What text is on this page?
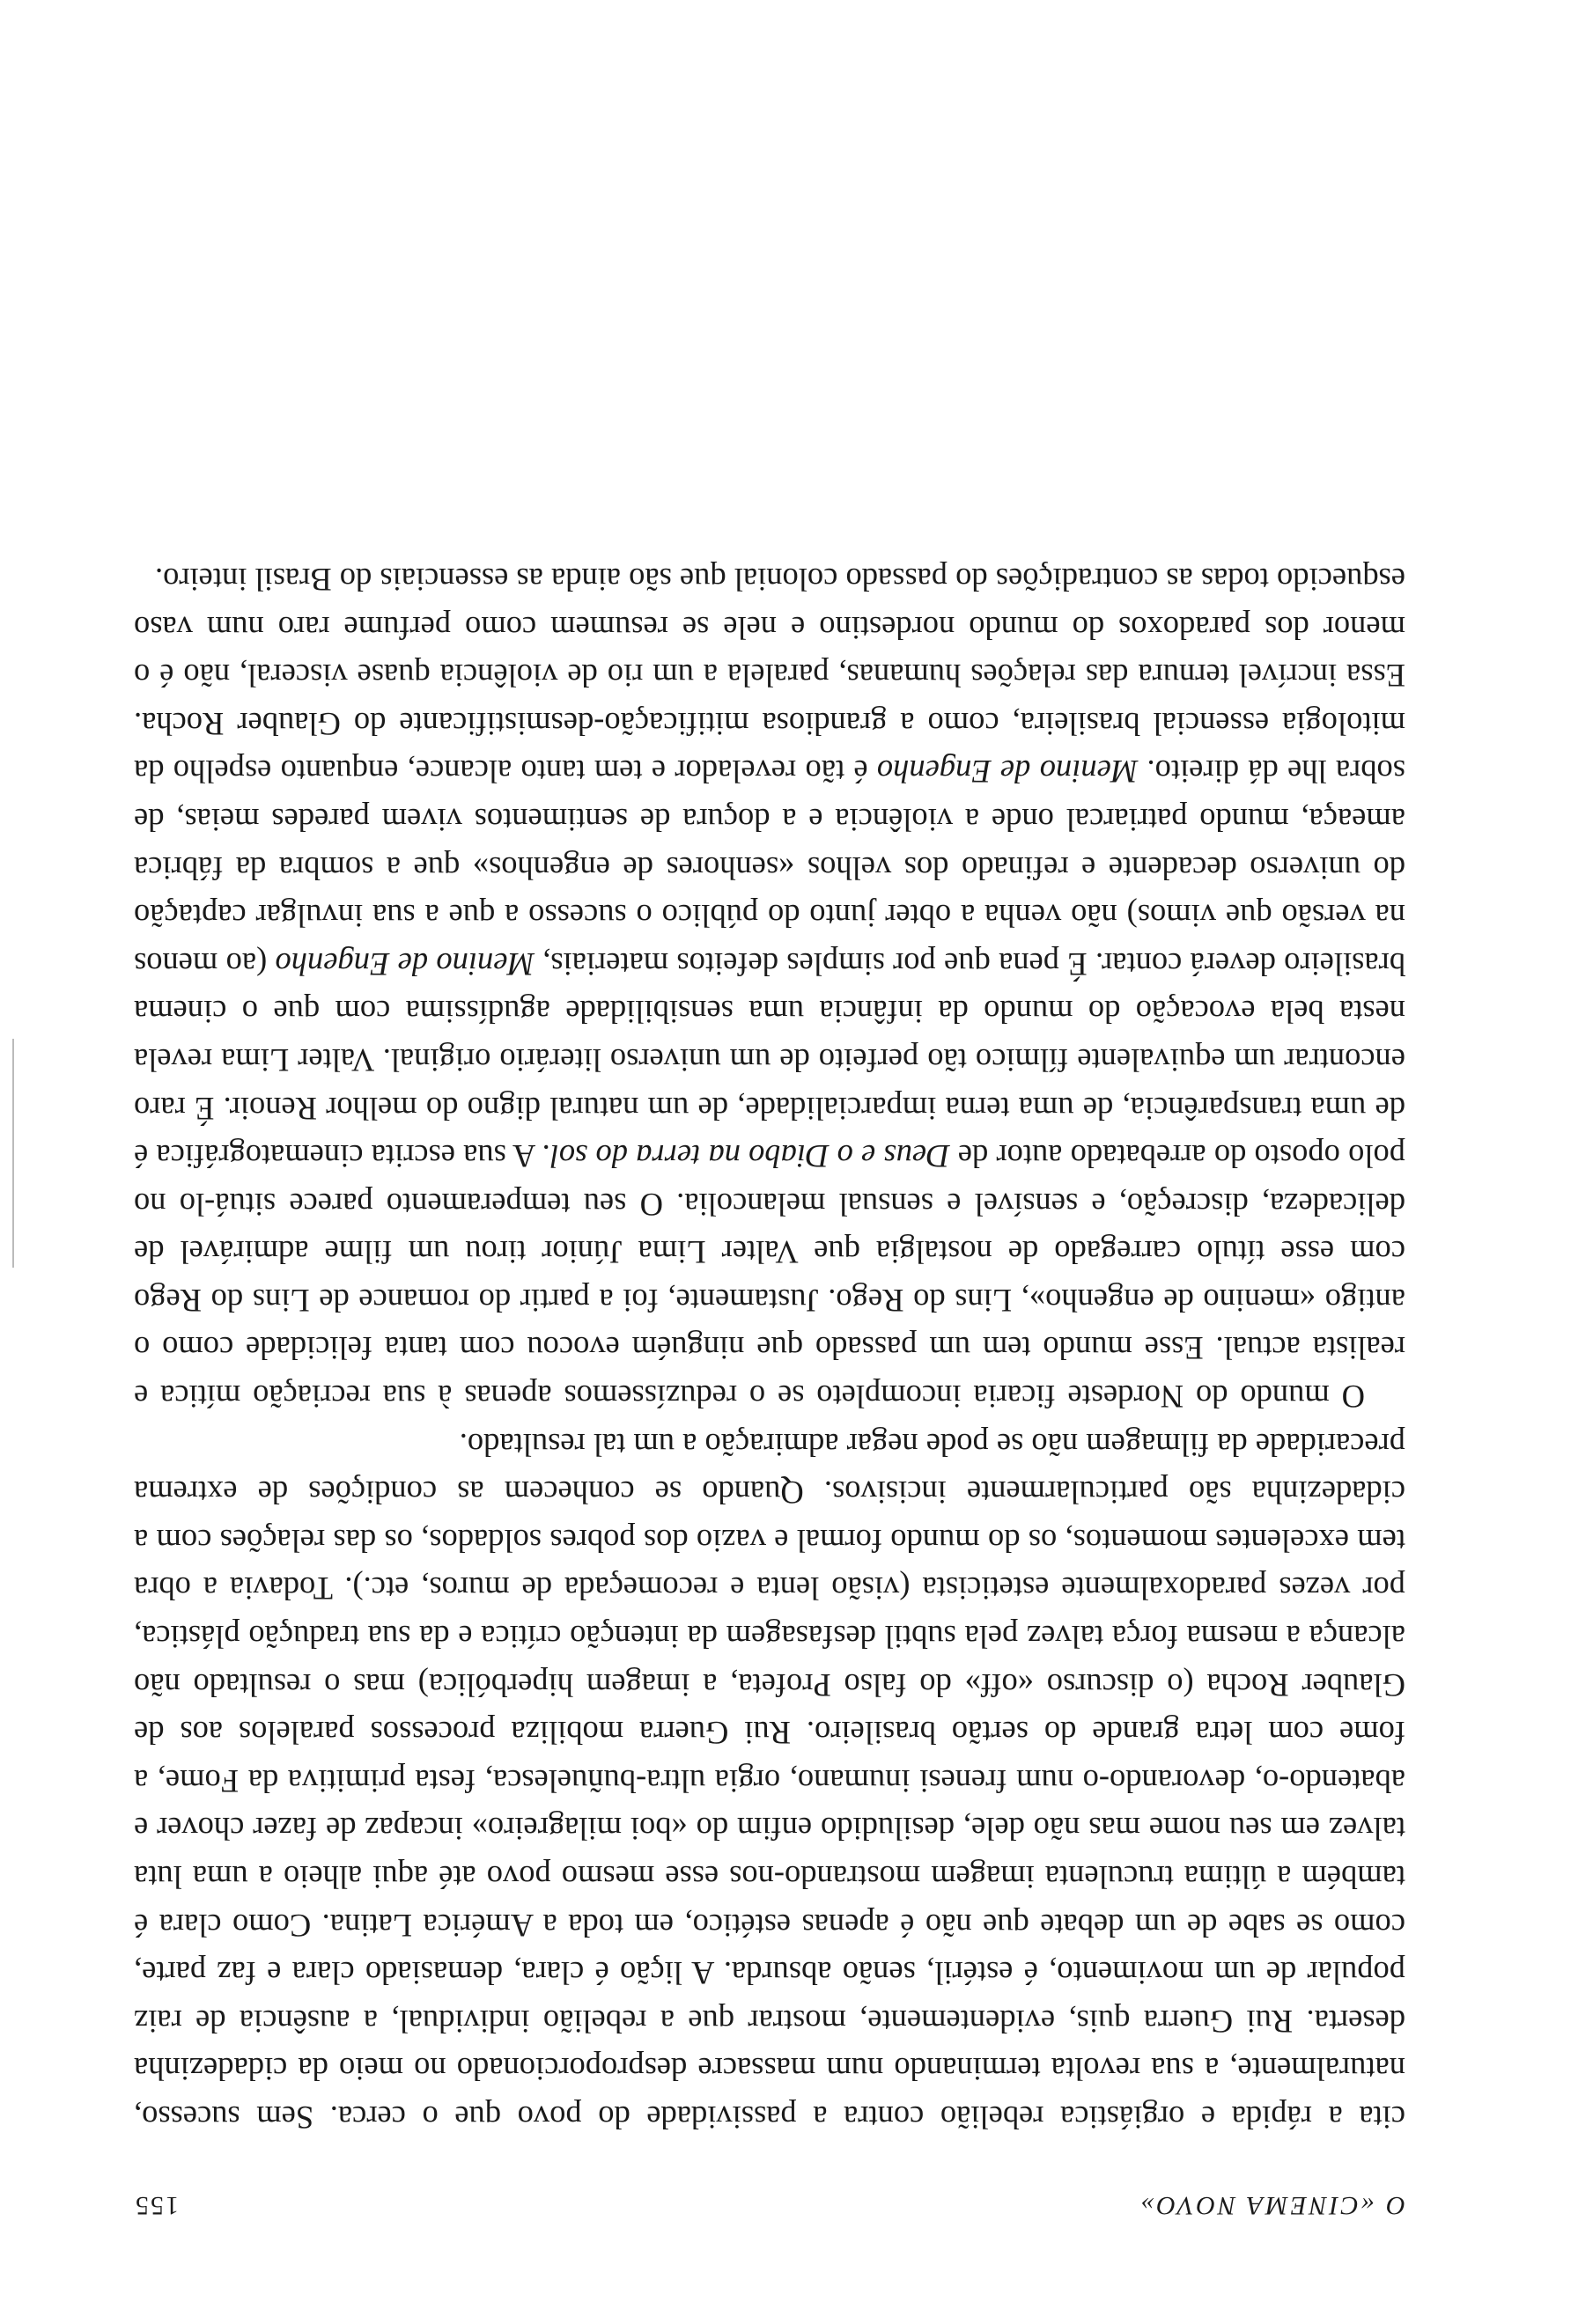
O «CINEMA NOVO»
155

cita a rápida e orgiástica rebelião contra a passividade do povo que o cerca. Sem sucesso, naturalmente, a sua revolta terminando num massacre desproporcionado no meio da cidadezinha deserta. Rui Guerra quis, evidentemente, mostrar que a rebelião individual, a ausência de raiz popular de um movimento, é estéril, senão absurda. A lição é clara, demasiado clara e faz parte, como se sabe de um debate que não é apenas estético, em toda a América Latina. Como clara é também a última truculenta imagem mostrando-nos esse mesmo povo até aqui alheio a uma luta talvez em seu nome mas não dele, desiludido enfim do «boi milagreiro» incapaz de fazer chover e abatendo-o, devorando-o num frenesi inumano, orgia ultra-buñuelesca, festa primitiva da Fome, a fome com letra grande do sertão brasileiro. Rui Guerra mobiliza processos paralelos aos de Glauber Rocha (o discurso «off» do falso Profeta, a imagem hiperbólica) mas o resultado não alcança a mesma força talvez pela subtil desfasagem da intenção crítica e da sua tradução plástica, por vezes paradoxalmente esteticista (visão lenta e recomeçada de muros, etc.). Todavia a obra tem excelentes momentos, os do mundo formal e vazio dos pobres soldados, os das relações com a cidadezinha são particularmente incisivos. Quando se conhecem as condições de extrema precaridade da filmagem não se pode negar admiração a um tal resultado.

O mundo do Nordeste ficaria incompleto se o reduzíssemos apenas à sua recriação mítica e realista actual. Esse mundo tem um passado que ninguém evocou com tanta felicidade como o antigo «menino de engenho», Lins do Rego. Justamente, foi a partir do romance de Lins do Rego com esse título carregado de nostalgia que Valter Lima Júnior tirou um filme admirável de delicadeza, discreção, e sensível e sensual melancolia. O seu temperamento parece situá-lo no polo oposto do arrebatado autor de Deus e o Diabo na terra do sol. A sua escrita cinematográfica é de uma transparência, de uma terna imparcialidade, de um natural digno do melhor Renoir. É raro encontrar um equivalente fílmico tão perfeito de um universo literário original. Valter Lima revela nesta bela evocação do mundo da infância uma sensibilidade agudíssima com que o cinema brasileiro deverá contar. É pena que por simples defeitos materiais, Menino de Engenho (ao menos na versão que vimos) não venha a obter junto do público o sucesso a que a sua invulgar captação do universo decadente e refinado dos velhos «senhores de engenhos» que a sombra da fábrica ameaça, mundo patriarcal onde a violência e a doçura de sentimentos vivem paredes meias, de sobra lhe dá direito. Menino de Engenho é tão revelador e tem tanto alcance, enquanto espelho da mitologia essencial brasileira, como a grandiosa mitificação-desmistificante do Glauber Rocha. Essa incrível ternura das relações humanas, paralela a um rio de violência quase visceral, não é o menor dos paradoxos do mundo nordestino e nele se resumem como perfume raro num vaso esquecido todas as contradições do passado colonial que são ainda as essenciais do Brasil inteiro.
